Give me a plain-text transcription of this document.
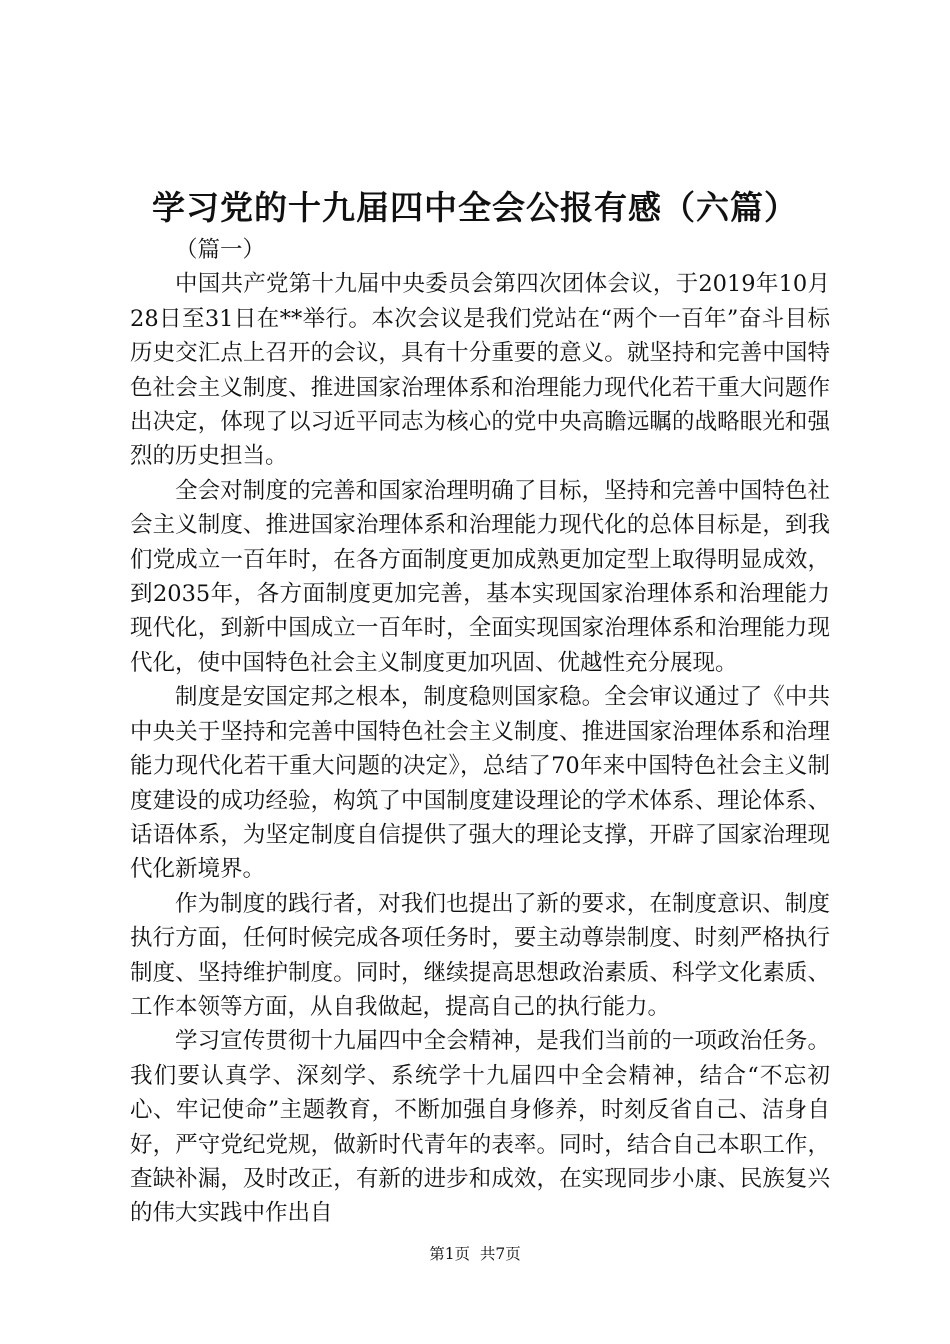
学习党的十九届四中全会公报有感（六篇）

（篇一）

中国共产党第十九届中央委员会第四次团体会议，于2019年10月28日至31日在**举行。本次会议是我们党站在“两个一百年”奋斗目标历史交汇点上召开的会议，具有十分重要的意义。就坚持和完善中国特色社会主义制度、推进国家治理体系和治理能力现代化若干重大问题作出决定，体现了以习近平同志为核心的党中央高瞻远瞩的战略眼光和强烈的历史担当。

全会对制度的完善和国家治理明确了目标，坚持和完善中国特色社会主义制度、推进国家治理体系和治理能力现代化的总体目标是，到我们党成立一百年时，在各方面制度更加成熟更加定型上取得明显成效，到2035年，各方面制度更加完善，基本实现国家治理体系和治理能力现代化，到新中国成立一百年时，全面实现国家治理体系和治理能力现代化，使中国特色社会主义制度更加巩固、优越性充分展现。

制度是安国定邦之根本，制度稳则国家稳。全会审议通过了《中共中央关于坚持和完善中国特色社会主义制度、推进国家治理体系和治理能力现代化若干重大问题的决定》，总结了70年来中国特色社会主义制度建设的成功经验，构筑了中国制度建设理论的学术体系、理论体系、话语体系，为坚定制度自信提供了强大的理论支撑，开辟了国家治理现代化新境界。

作为制度的践行者，对我们也提出了新的要求，在制度意识、制度执行方面，任何时候完成各项任务时，要主动尊崇制度、时刻严格执行制度、坚持维护制度。同时，继续提高思想政治素质、科学文化素质、工作本领等方面，从自我做起，提高自己的执行能力。

学习宣传贯彻十九届四中全会精神，是我们当前的一项政治任务。我们要认真学、深刻学、系统学十九届四中全会精神，结合“不忘初心、牢记使命”主题教育，不断加强自身修养，时刻反省自己、洁身自好，严守党纪党规，做新时代青年的表率。同时，结合自己本职工作，查缺补漏，及时改正，有新的进步和成效，在实现同步小康、民族复兴的伟大实践中作出自

第1页 共7页
